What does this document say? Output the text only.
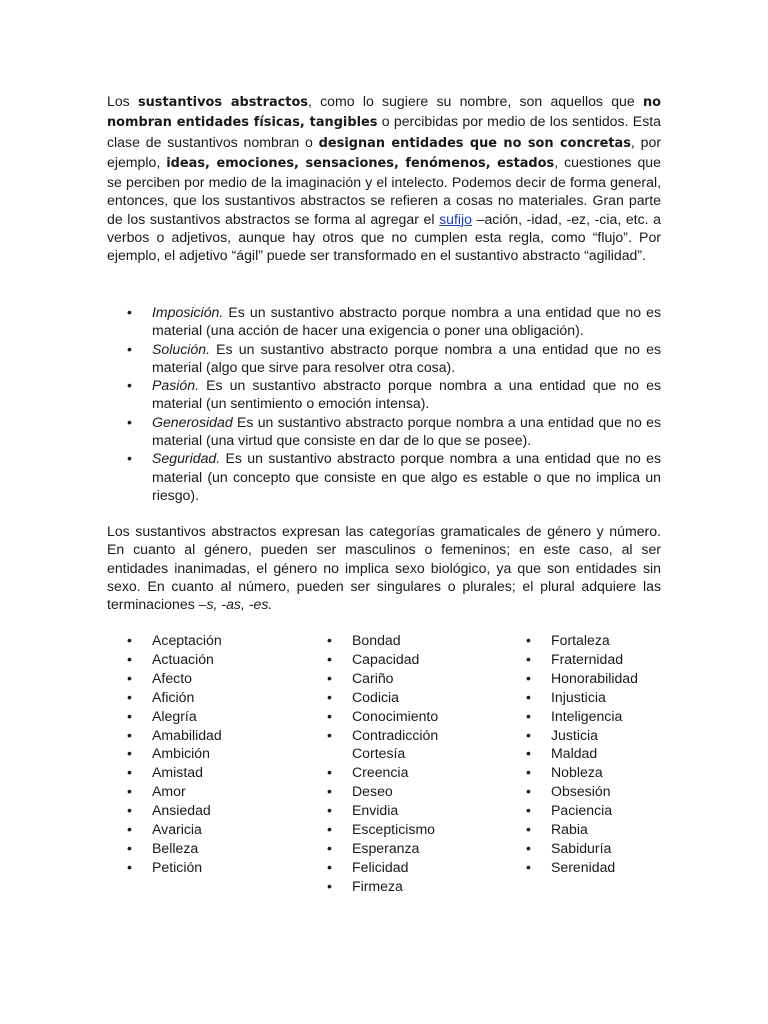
Los sustantivos abstractos, como lo sugiere su nombre, son aquellos que no nombran entidades físicas, tangibles o percibidas por medio de los sentidos. Esta clase de sustantivos nombran o designan entidades que no son concretas, por ejemplo, ideas, emociones, sensaciones, fenómenos, estados, cuestiones que se perciben por medio de la imaginación y el intelecto. Podemos decir de forma general, entonces, que los sustantivos abstractos se refieren a cosas no materiales. Gran parte de los sustantivos abstractos se forma al agregar el sufijo –ación, -idad, -ez, -cia, etc. a verbos o adjetivos, aunque hay otros que no cumplen esta regla, como “flujo”. Por ejemplo, el adjetivo “ágil” puede ser transformado en el sustantivo abstracto “agilidad”.

• Imposición. Es un sustantivo abstracto porque nombra a una entidad que no es material (una acción de hacer una exigencia o poner una obligación).
• Solución. Es un sustantivo abstracto porque nombra a una entidad que no es material (algo que sirve para resolver otra cosa).
• Pasión. Es un sustantivo abstracto porque nombra a una entidad que no es material (un sentimiento o emoción intensa).
• Generosidad Es un sustantivo abstracto porque nombra a una entidad que no es material (una virtud que consiste en dar de lo que se posee).
• Seguridad. Es un sustantivo abstracto porque nombra a una entidad que no es material (un concepto que consiste en que algo es estable o que no implica un riesgo).

Los sustantivos abstractos expresan las categorías gramaticales de género y número. En cuanto al género, pueden ser masculinos o femeninos; en este caso, al ser entidades inanimadas, el género no implica sexo biológico, ya que son entidades sin sexo. En cuanto al número, pueden ser singulares o plurales; el plural adquiere las terminaciones –s, -as, -es.

• Aceptación
• Actuación
• Afecto
• Afición
• Alegría
• Amabilidad
• Ambición
• Amistad
• Amor
• Ansiedad
• Avaricia
• Belleza
• Petición
• Bondad
• Capacidad
• Cariño
• Codicia
• Conocimiento
• Contradicción
Cortesía
• Creencia
• Deseo
• Envidia
• Escepticismo
• Esperanza
• Felicidad
• Firmeza
• Fortaleza
• Fraternidad
• Honorabilidad
• Injusticia
• Inteligencia
• Justicia
• Maldad
• Nobleza
• Obsesión
• Paciencia
• Rabia
• Sabiduría
• Serenidad
